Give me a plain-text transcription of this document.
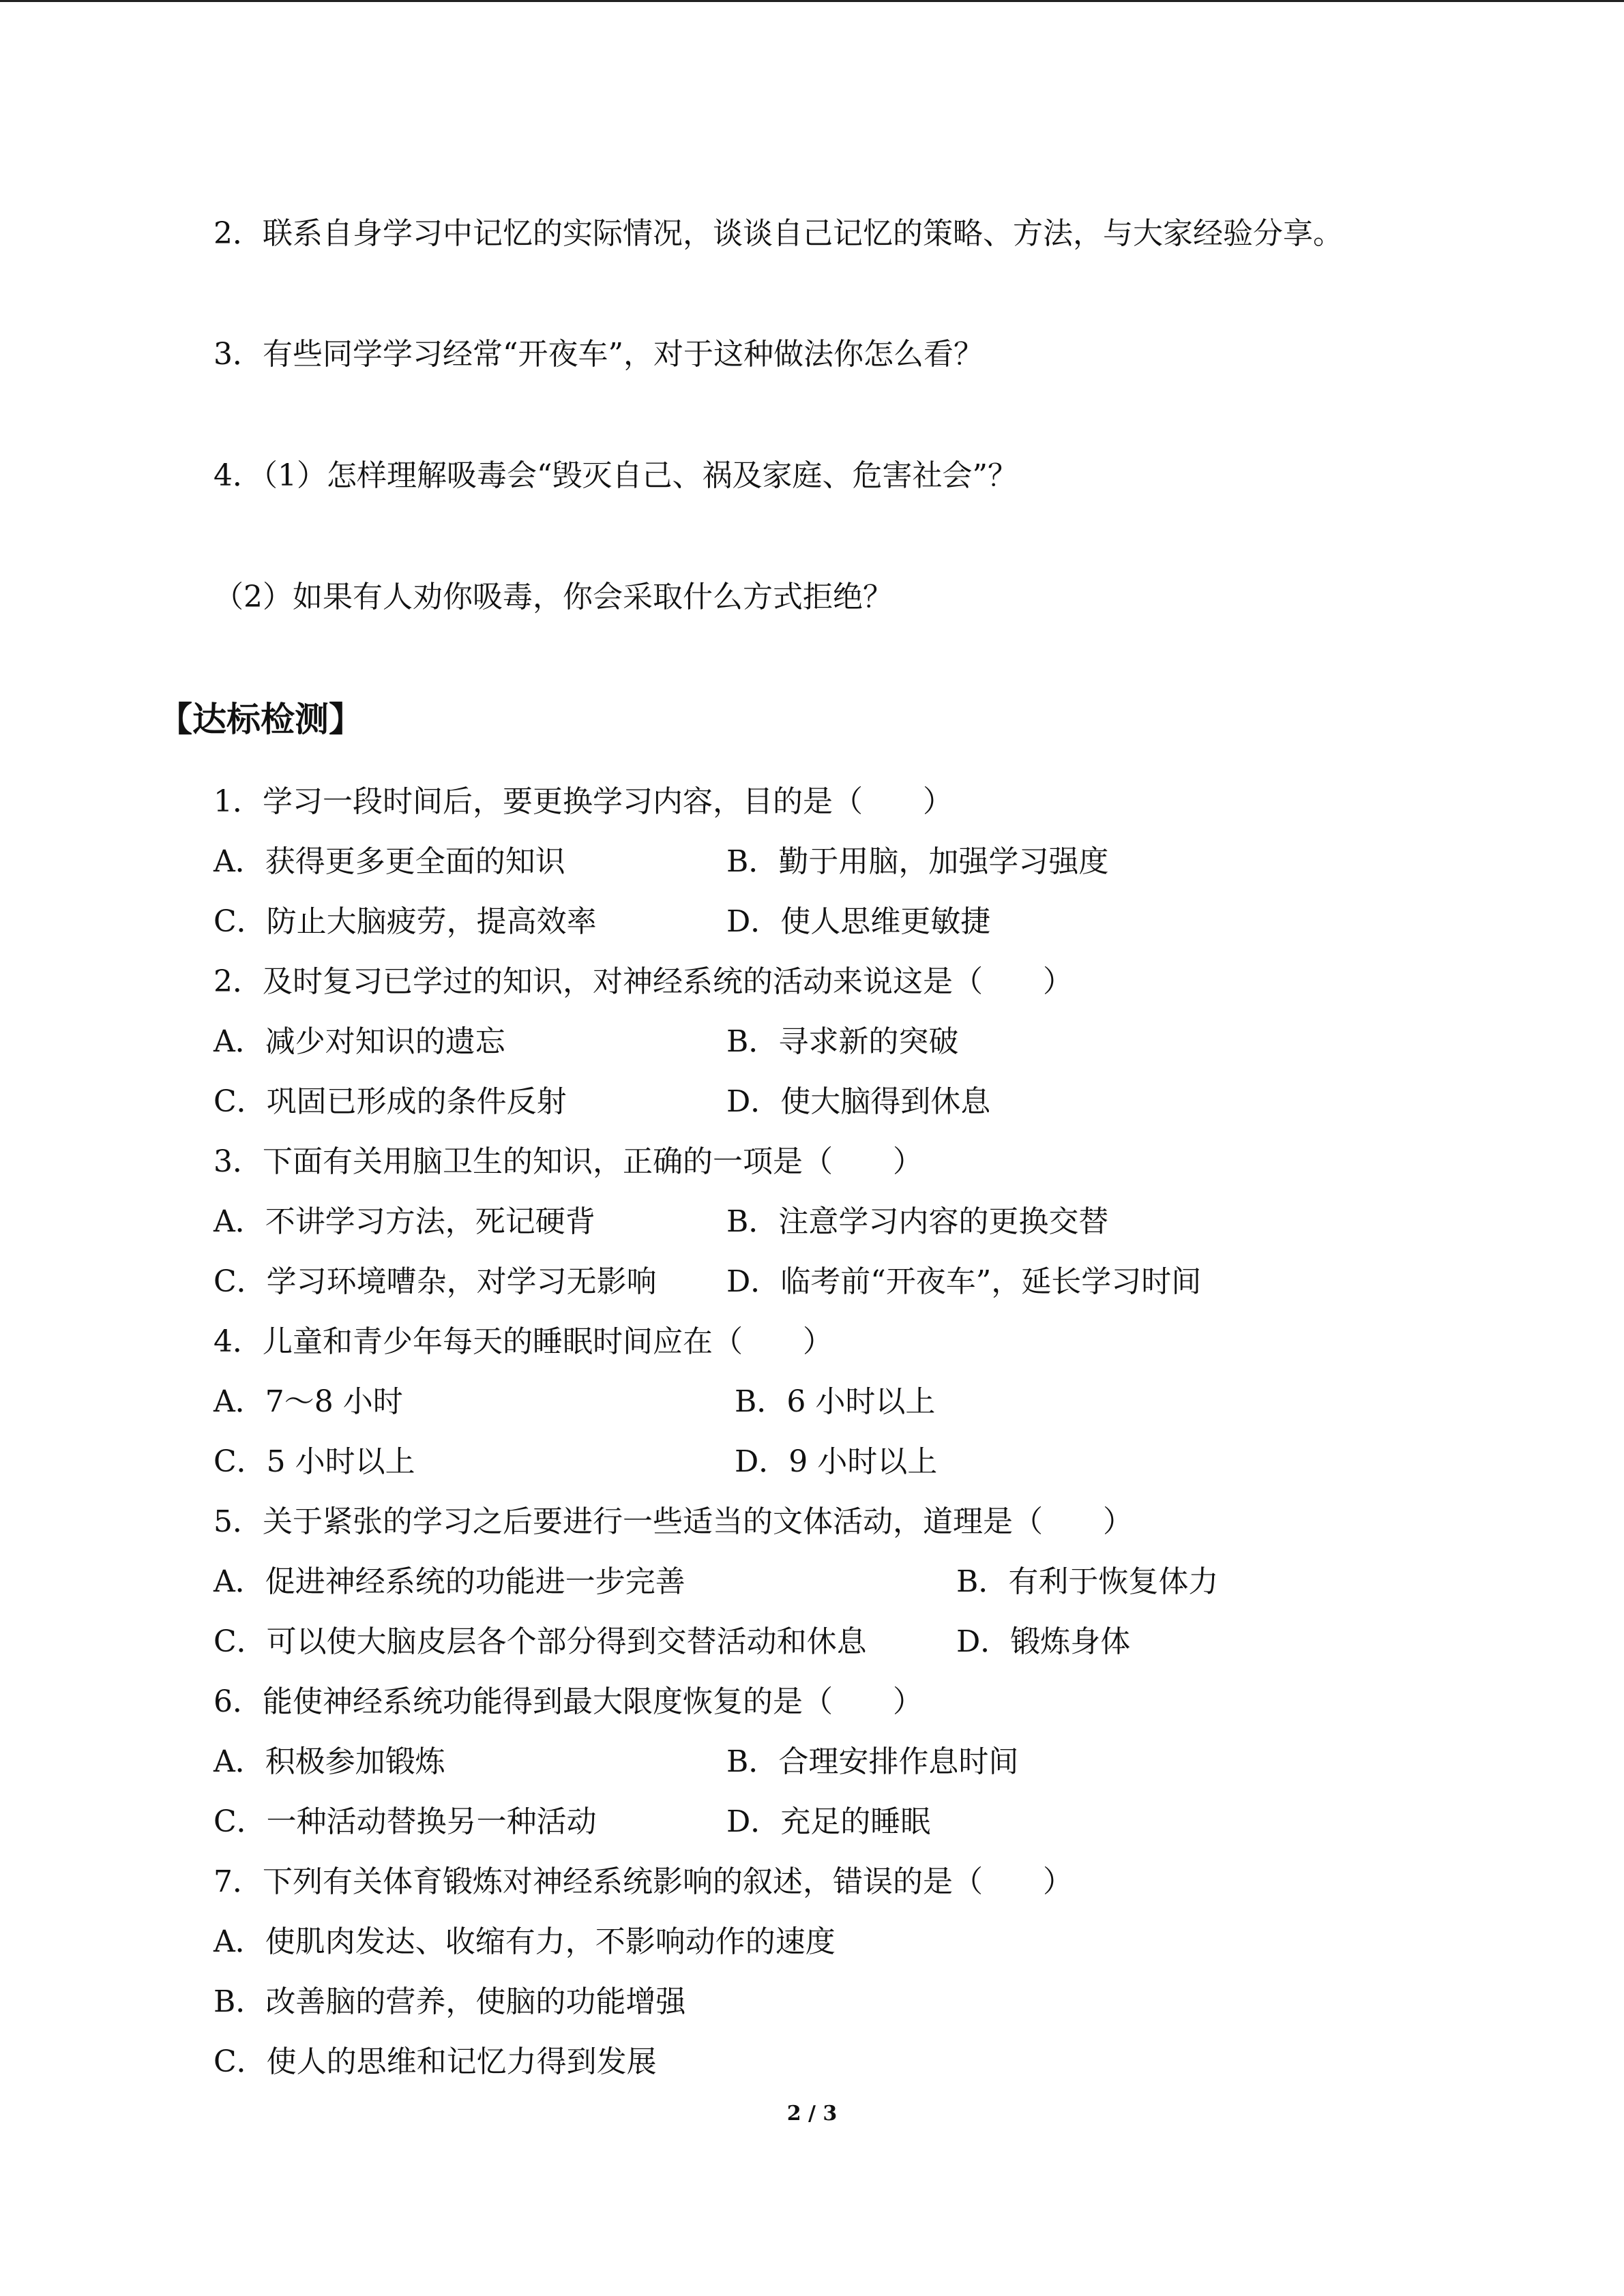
2．联系自身学习中记忆的实际情况，谈谈自己记忆的策略、方法，与大家经验分享。
3．有些同学学习经常“开夜车”，对于这种做法你怎么看？
4．（1）怎样理解吸毒会“毁灭自己、祸及家庭、危害社会”？
（2）如果有人劝你吸毒，你会采取什么方式拒绝？
【达标检测】
1．学习一段时间后，要更换学习内容，目的是（　　）
A．获得更多更全面的知识	B．勤于用脑，加强学习强度
C．防止大脑疲劳，提高效率	D．使人思维更敏捷
2．及时复习已学过的知识，对神经系统的活动来说这是（　　）
A．减少对知识的遗忘	B．寻求新的突破
C．巩固已形成的条件反射	D．使大脑得到休息
3．下面有关用脑卫生的知识，正确的一项是（　　）
A．不讲学习方法，死记硬背	B．注意学习内容的更换交替
C．学习环境嘈杂，对学习无影响 D．临考前“开夜车”，延长学习时间
4．儿童和青少年每天的睡眠时间应在（　　）
A．7～8 小时	B．6 小时以上
C．5 小时以上	D．9 小时以上
5．关于紧张的学习之后要进行一些适当的文体活动，道理是（　　）
A．促进神经系统的功能进一步完善	B．有利于恢复体力
C．可以使大脑皮层各个部分得到交替活动和休息	D．锻炼身体
6．能使神经系统功能得到最大限度恢复的是（　　）
A．积极参加锻炼	B．合理安排作息时间
C．一种活动替换另一种活动	D．充足的睡眠
7．下列有关体育锻炼对神经系统影响的叙述，错误的是（　　）
A．使肌肉发达、收缩有力，不影响动作的速度
B．改善脑的营养，使脑的功能增强
C．使人的思维和记忆力得到发展
2 / 3
